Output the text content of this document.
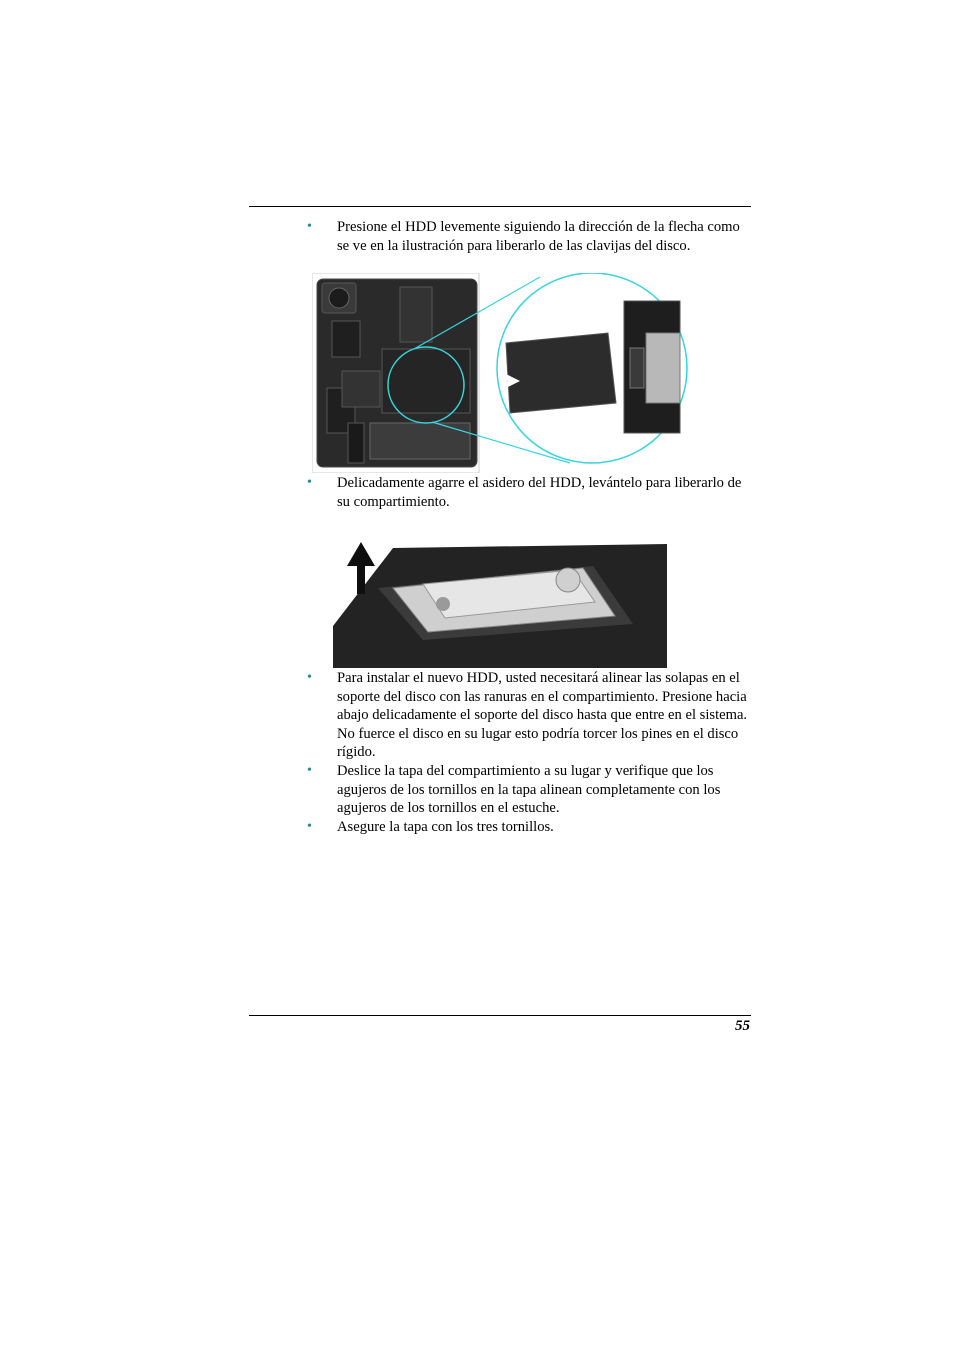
• Presione el HDD levemente siguiendo la dirección de la flecha como se ve en la ilustración para liberarlo de las clavijas del disco.
• Delicadamente agarre el asidero del HDD, levántelo para liberarlo de su compartimiento.
• Para instalar el nuevo HDD, usted necesitará alinear las solapas en el soporte del disco con las ranuras en el compartimiento. Presione hacia abajo delicadamente el soporte del disco hasta que entre en el sistema. No fuerce el disco en su lugar esto podría torcer los pines en el disco rígido.
• Deslice la tapa del compartimiento a su lugar y verifique que los agujeros de los tornillos en la tapa alinean completamente con los agujeros de los tornillos en el estuche.
• Asegure la tapa con los tres tornillos.
55
